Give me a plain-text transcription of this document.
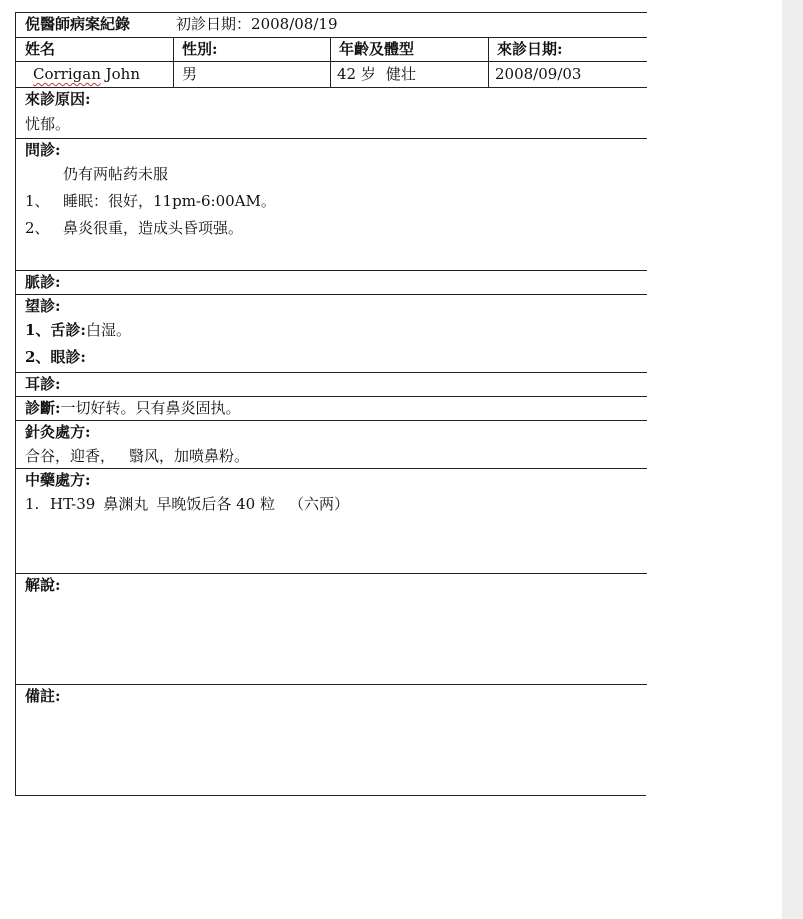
倪醫師病案紀錄	初診日期：2008/08/19
姓名	性別:	年齡及體型	來診日期:
Corrigan John	男	42 岁 健壮	2008/09/03
來診原因:
忧郁。
問診:
仍有两帖药未服
1、 睡眠：很好，11pm-6:00AM。
2、 鼻炎很重，造成头昏项强。
脈診:
望診:
1、舌診:白湿。
2、眼診:
耳診:
診斷:一切好转。只有鼻炎固执。
針灸處方:
合谷，迎香， 翳风，加喷鼻粉。
中藥處方:
1. HT-39 鼻渊丸 早晚饭后各 40 粒 （六两）
解說:
備註:
